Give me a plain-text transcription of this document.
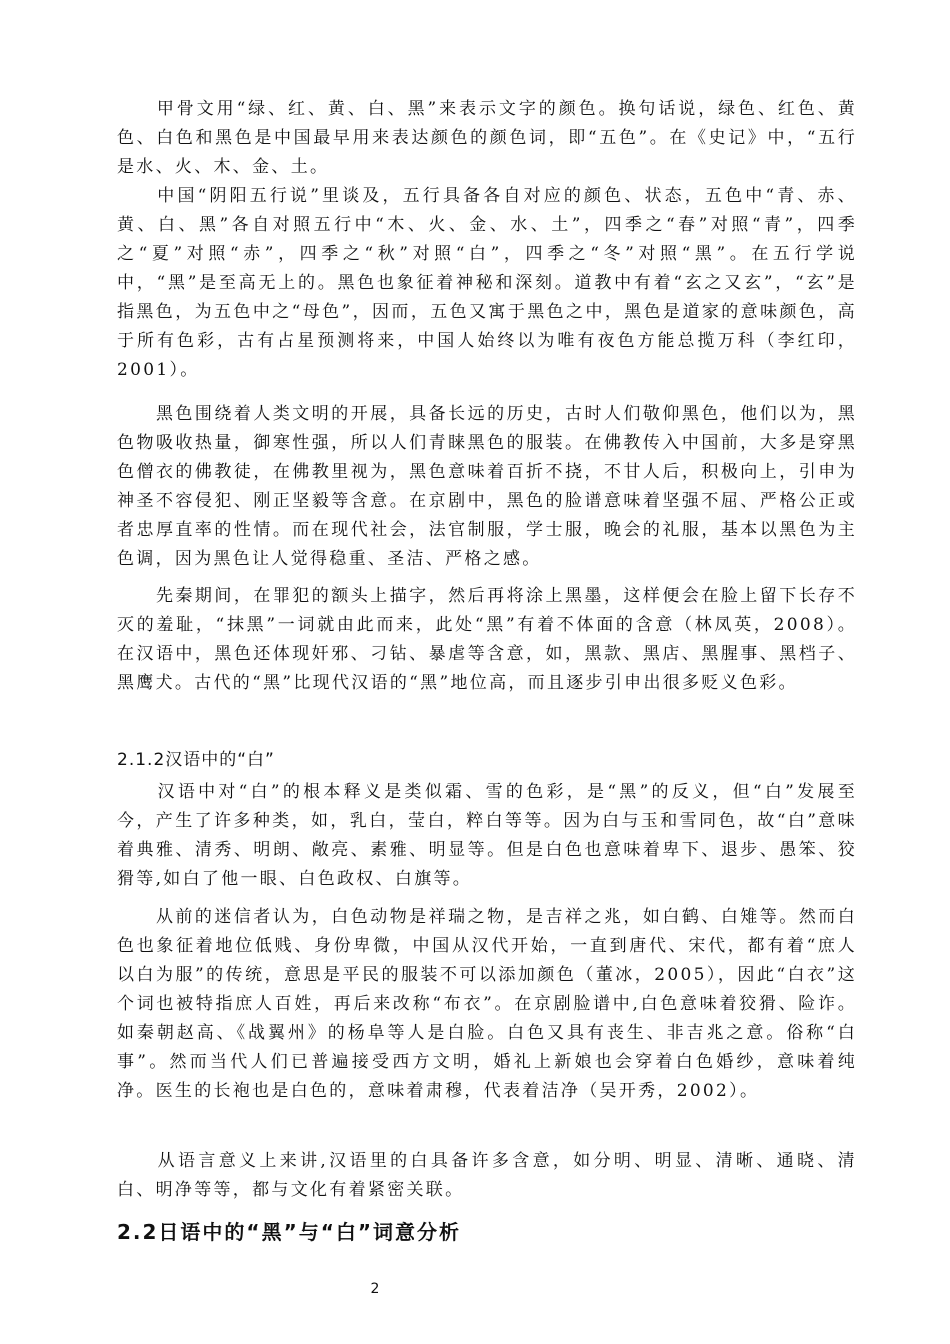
　　甲骨文用“绿、红、黄、白、黑”来表示文字的颜色。换句话说，绿色、红色、黄色、白色和黑色是中国最早用来表达颜色的颜色词，即“五色”。在《史记》中，“五行是水、火、木、金、土。
　　中国“阴阳五行说”里谈及，五行具备各自对应的颜色、状态，五色中“青、赤、黄、白、黑”各自对照五行中“木、火、金、水、土”，四季之“春”对照“青”，四季之“夏”对照“赤”，四季之“秋”对照“白”，四季之“冬”对照“黑”。在五行学说中，“黑”是至高无上的。黑色也象征着神秘和深刻。道教中有着“玄之又玄”，“玄”是指黑色，为五色中之“母色”，因而，五色又寓于黑色之中，黑色是道家的意味颜色，高于所有色彩，古有占星预测将来，中国人始终以为唯有夜色方能总揽万科（李红印，2001）。
　　黑色围绕着人类文明的开展，具备长远的历史，古时人们敬仰黑色，他们以为，黑色物吸收热量，御寒性强，所以人们青睐黑色的服装。在佛教传入中国前，大多是穿黑色僧衣的佛教徒，在佛教里视为，黑色意味着百折不挠，不甘人后，积极向上，引申为神圣不容侵犯、刚正坚毅等含意。在京剧中，黑色的脸谱意味着坚强不屈、严格公正或者忠厚直率的性情。而在现代社会，法官制服，学士服，晚会的礼服，基本以黑色为主色调，因为黑色让人觉得稳重、圣洁、严格之感。
　　先秦期间，在罪犯的额头上描字，然后再将涂上黑墨，这样便会在脸上留下长存不灭的羞耻，“抹黑”一词就由此而来，此处“黑”有着不体面的含意（林凤英，2008）。在汉语中，黑色还体现奸邪、刁钻、暴虐等含意，如，黑款、黑店、黑腥事、黑档子、黑鹰犬。古代的“黑”比现代汉语的“黑”地位高，而且逐步引申出很多贬义色彩。
2.1.2汉语中的“白”
　　汉语中对“白”的根本释义是类似霜、雪的色彩，是“黑”的反义，但“白”发展至今，产生了许多种类，如，乳白，莹白，粹白等等。因为白与玉和雪同色，故“白”意味着典雅、清秀、明朗、敞亮、素雅、明显等。但是白色也意味着卑下、退步、愚笨、狡猾等,如白了他一眼、白色政权、白旗等。
　　从前的迷信者认为，白色动物是祥瑞之物，是吉祥之兆，如白鹤、白雉等。然而白色也象征着地位低贱、身份卑微，中国从汉代开始，一直到唐代、宋代，都有着“庶人以白为服”的传统，意思是平民的服装不可以添加颜色（董冰，2005），因此“白衣”这个词也被特指庶人百姓，再后来改称“布衣”。在京剧脸谱中,白色意味着狡猾、险诈。如秦朝赵高、《战翼州》的杨阜等人是白脸。白色又具有丧生、非吉兆之意。俗称“白事”。然而当代人们已普遍接受西方文明，婚礼上新娘也会穿着白色婚纱，意味着纯净。医生的长袍也是白色的，意味着肃穆，代表着洁净（吴开秀，2002）。
　　从语言意义上来讲,汉语里的白具备许多含意，如分明、明显、清晰、通晓、清白、明净等等，都与文化有着紧密关联。
2.2日语中的“黑”与“白”词意分析
2
